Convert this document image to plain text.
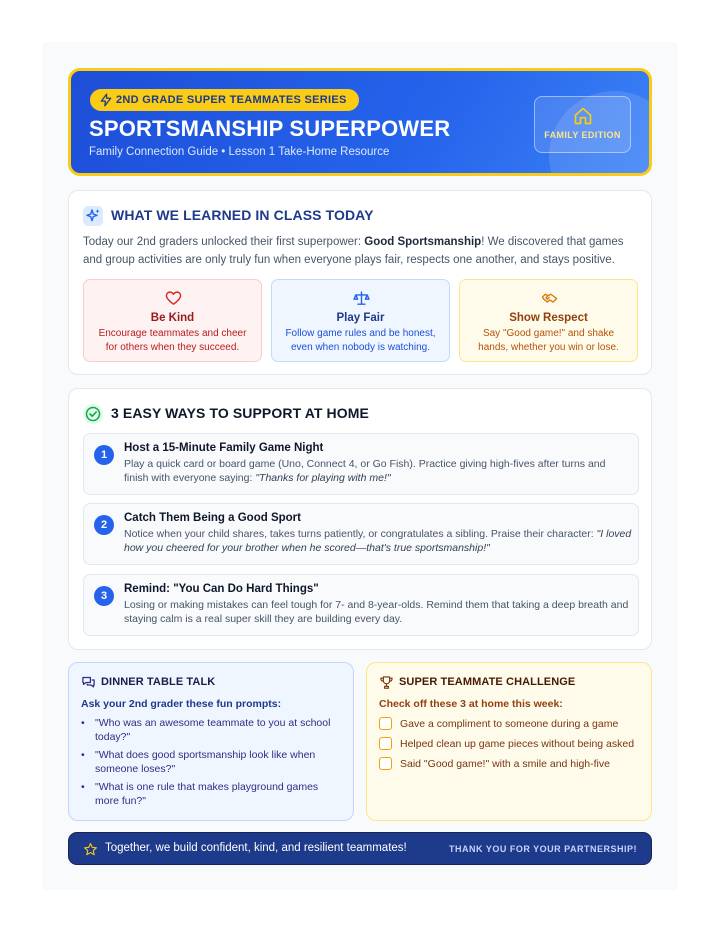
2ND GRADE SUPER TEAMMATES SERIES
SPORTSMANSHIP SUPERPOWER
Family Connection Guide • Lesson 1 Take-Home Resource
FAMILY EDITION
WHAT WE LEARNED IN CLASS TODAY

Today our 2nd graders unlocked their first superpower: Good Sportsmanship! We discovered that games and group activities are only truly fun when everyone plays fair, respects one another, and stays positive.

Be Kind
Encourage teammates and cheer for others when they succeed.
Play Fair
Follow game rules and be honest, even when nobody is watching.
Show Respect
Say "Good game!" and shake hands, whether you win or lose.
3 EASY WAYS TO SUPPORT AT HOME
1
Host a 15-Minute Family Game Night
Play a quick card or board game (Uno, Connect 4, or Go Fish). Practice giving high-fives after turns and finish with everyone saying: "Thanks for playing with me!"
2
Catch Them Being a Good Sport
Notice when your child shares, takes turns patiently, or congratulates a sibling. Praise their character: "I loved how you cheered for your brother when he scored—that's true sportsmanship!"
3
Remind: "You Can Do Hard Things"
Losing or making mistakes can feel tough for 7- and 8-year-olds. Remind them that taking a deep breath and staying calm is a real super skill they are building every day.
DINNER TABLE TALK
Ask your 2nd grader these fun prompts:
• "Who was an awesome teammate to you at school today?"
• "What does good sportsmanship look like when someone loses?"
• "What is one rule that makes playground games more fun?"
SUPER TEAMMATE CHALLENGE
Check off these 3 at home this week:
Gave a compliment to someone during a game
Helped clean up game pieces without being asked
Said "Good game!" with a smile and high-five
Together, we build confident, kind, and resilient teammates!	THANK YOU FOR YOUR PARTNERSHIP!
